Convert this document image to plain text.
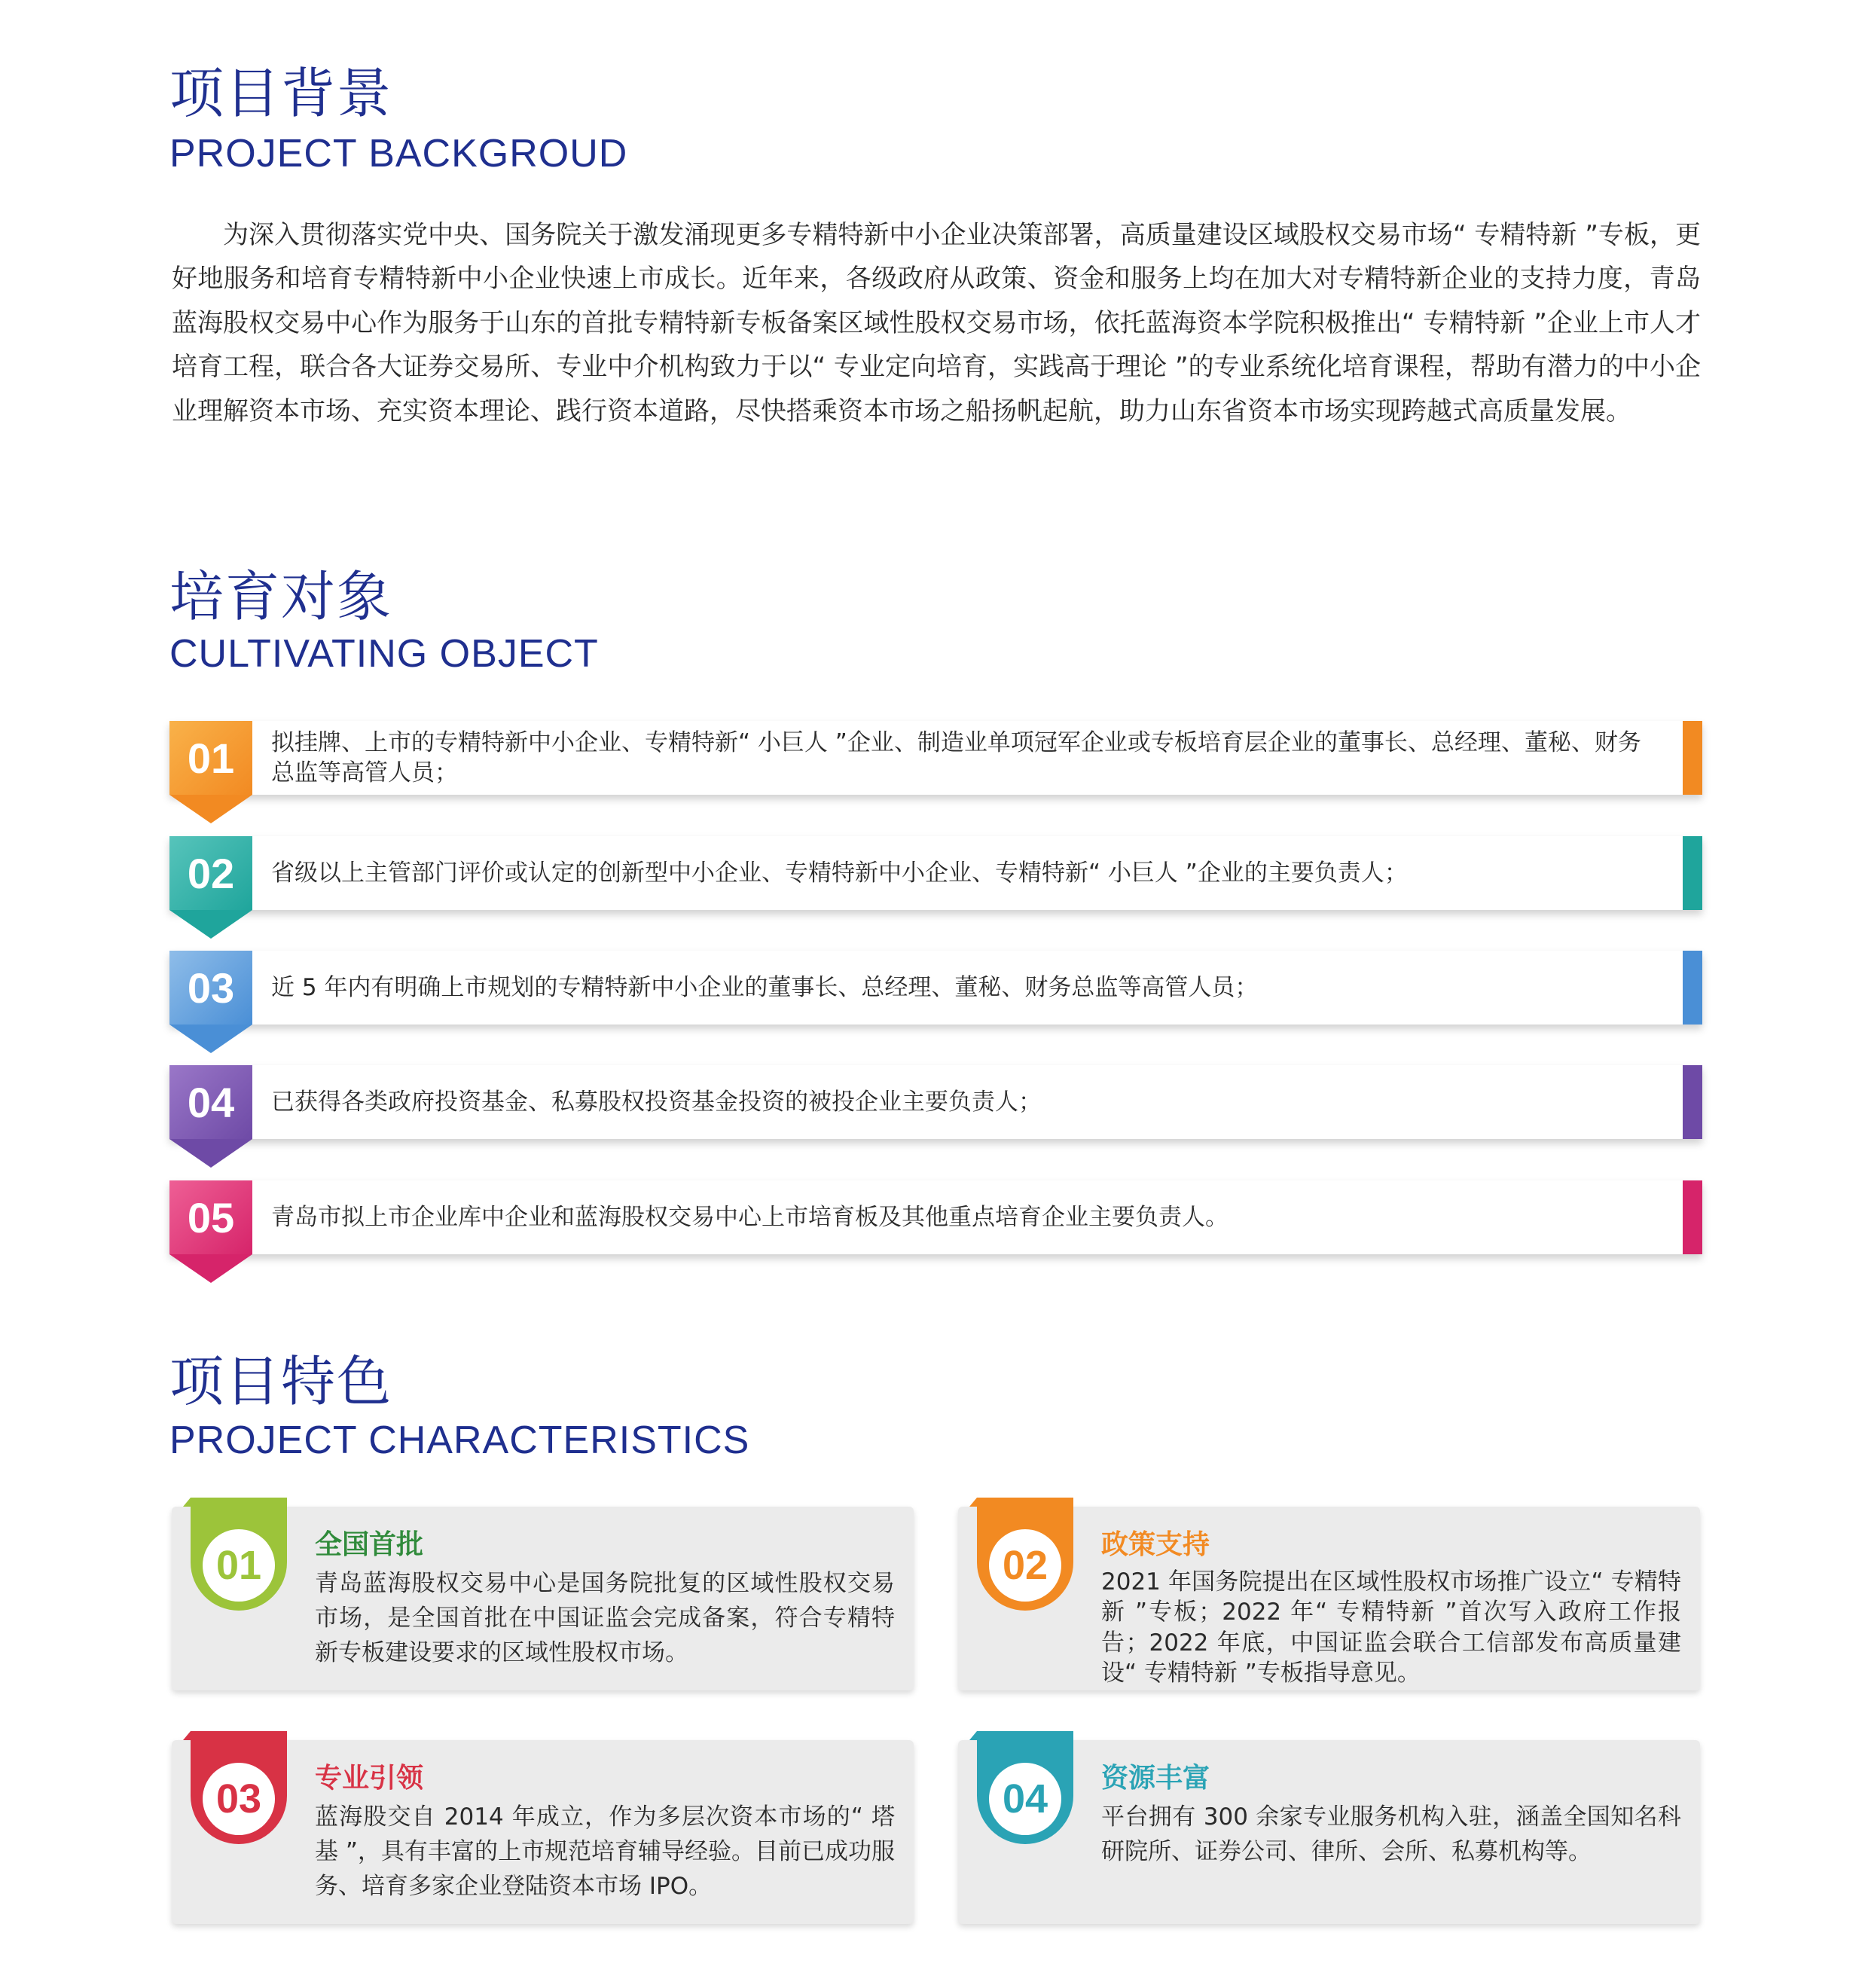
项目背景
PROJECT BACKGROUD

为深入贯彻落实党中央、国务院关于激发涌现更多专精特新中小企业决策部署，高质量建设区域股权交易市场“ 专精特新 ”专板，更好地服务和培育专精特新中小企业快速上市成长。近年来，各级政府从政策、资金和服务上均在加大对专精特新企业的支持力度，青岛蓝海股权交易中心作为服务于山东的首批专精特新专板备案区域性股权交易市场，依托蓝海资本学院积极推出“ 专精特新 ”企业上市人才培育工程，联合各大证券交易所、专业中介机构致力于以“ 专业定向培育，实践高于理论 ”的专业系统化培育课程，帮助有潜力的中小企业理解资本市场、充实资本理论、践行资本道路，尽快搭乘资本市场之船扬帆起航，助力山东省资本市场实现跨越式高质量发展。

培育对象
CULTIVATING OBJECT
01	拟挂牌、上市的专精特新中小企业、专精特新“ 小巨人 ”企业、制造业单项冠军企业或专板培育层企业的董事长、总经理、董秘、财务总监等高管人员；
02	省级以上主管部门评价或认定的创新型中小企业、专精特新中小企业、专精特新“ 小巨人 ”企业的主要负责人；
03	近 5 年内有明确上市规划的专精特新中小企业的董事长、总经理、董秘、财务总监等高管人员；
04	已获得各类政府投资基金、私募股权投资基金投资的被投企业主要负责人；
05	青岛市拟上市企业库中企业和蓝海股权交易中心上市培育板及其他重点培育企业主要负责人。
项目特色
PROJECT CHARACTERISTICS
01	全国首批
青岛蓝海股权交易中心是国务院批复的区域性股权交易市场，是全国首批在中国证监会完成备案，符合专精特新专板建设要求的区域性股权市场。
02	政策支持
2021 年国务院提出在区域性股权市场推广设立“ 专精特新 ”专板；2022 年“ 专精特新 ”首次写入政府工作报告；2022 年底，中国证监会联合工信部发布高质量建设“ 专精特新 ”专板指导意见。
03	专业引领
蓝海股交自 2014 年成立，作为多层次资本市场的“ 塔基 ”，具有丰富的上市规范培育辅导经验。目前已成功服务、培育多家企业登陆资本市场 IPO。
04	资源丰富
平台拥有 300 余家专业服务机构入驻，涵盖全国知名科研院所、证券公司、律所、会所、私募机构等。
